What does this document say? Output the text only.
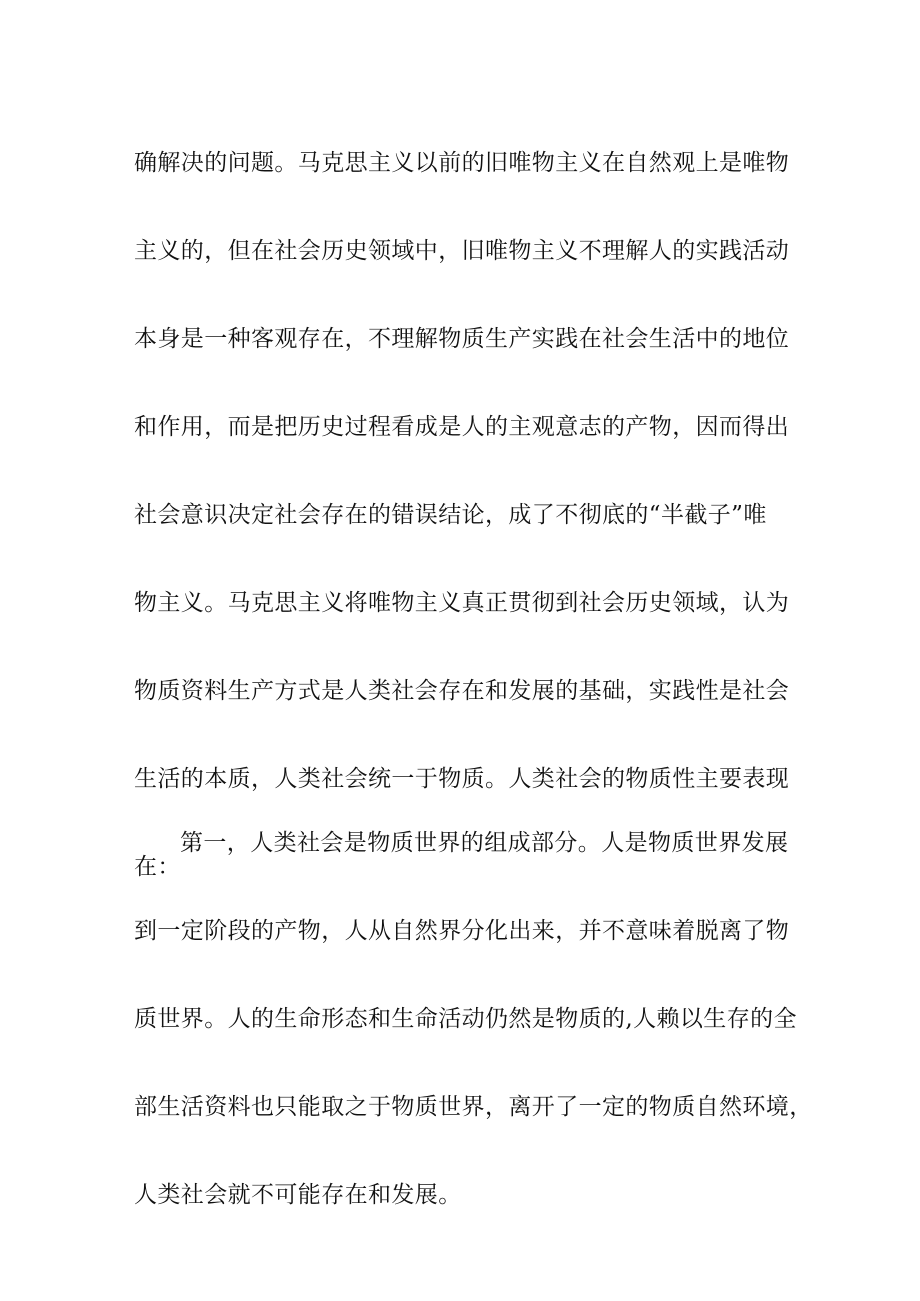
确解决的问题。马克思主义以前的旧唯物主义在自然观上是唯物
主义的，但在社会历史领域中，旧唯物主义不理解人的实践活动
本身是一种客观存在，不理解物质生产实践在社会生活中的地位
和作用，而是把历史过程看成是人的主观意志的产物，因而得出
社会意识决定社会存在的错误结论，成了不彻底的“半截子”唯
物主义。马克思主义将唯物主义真正贯彻到社会历史领域，认为
物质资料生产方式是人类社会存在和发展的基础，实践性是社会
生活的本质，人类社会统一于物质。人类社会的物质性主要表现
在：
第一，人类社会是物质世界的组成部分。人是物质世界发展
到一定阶段的产物，人从自然界分化出来，并不意味着脱离了物
质世界。人的生命形态和生命活动仍然是物质的,人赖以生存的全
部生活资料也只能取之于物质世界，离开了一定的物质自然环境，
人类社会就不可能存在和发展。
